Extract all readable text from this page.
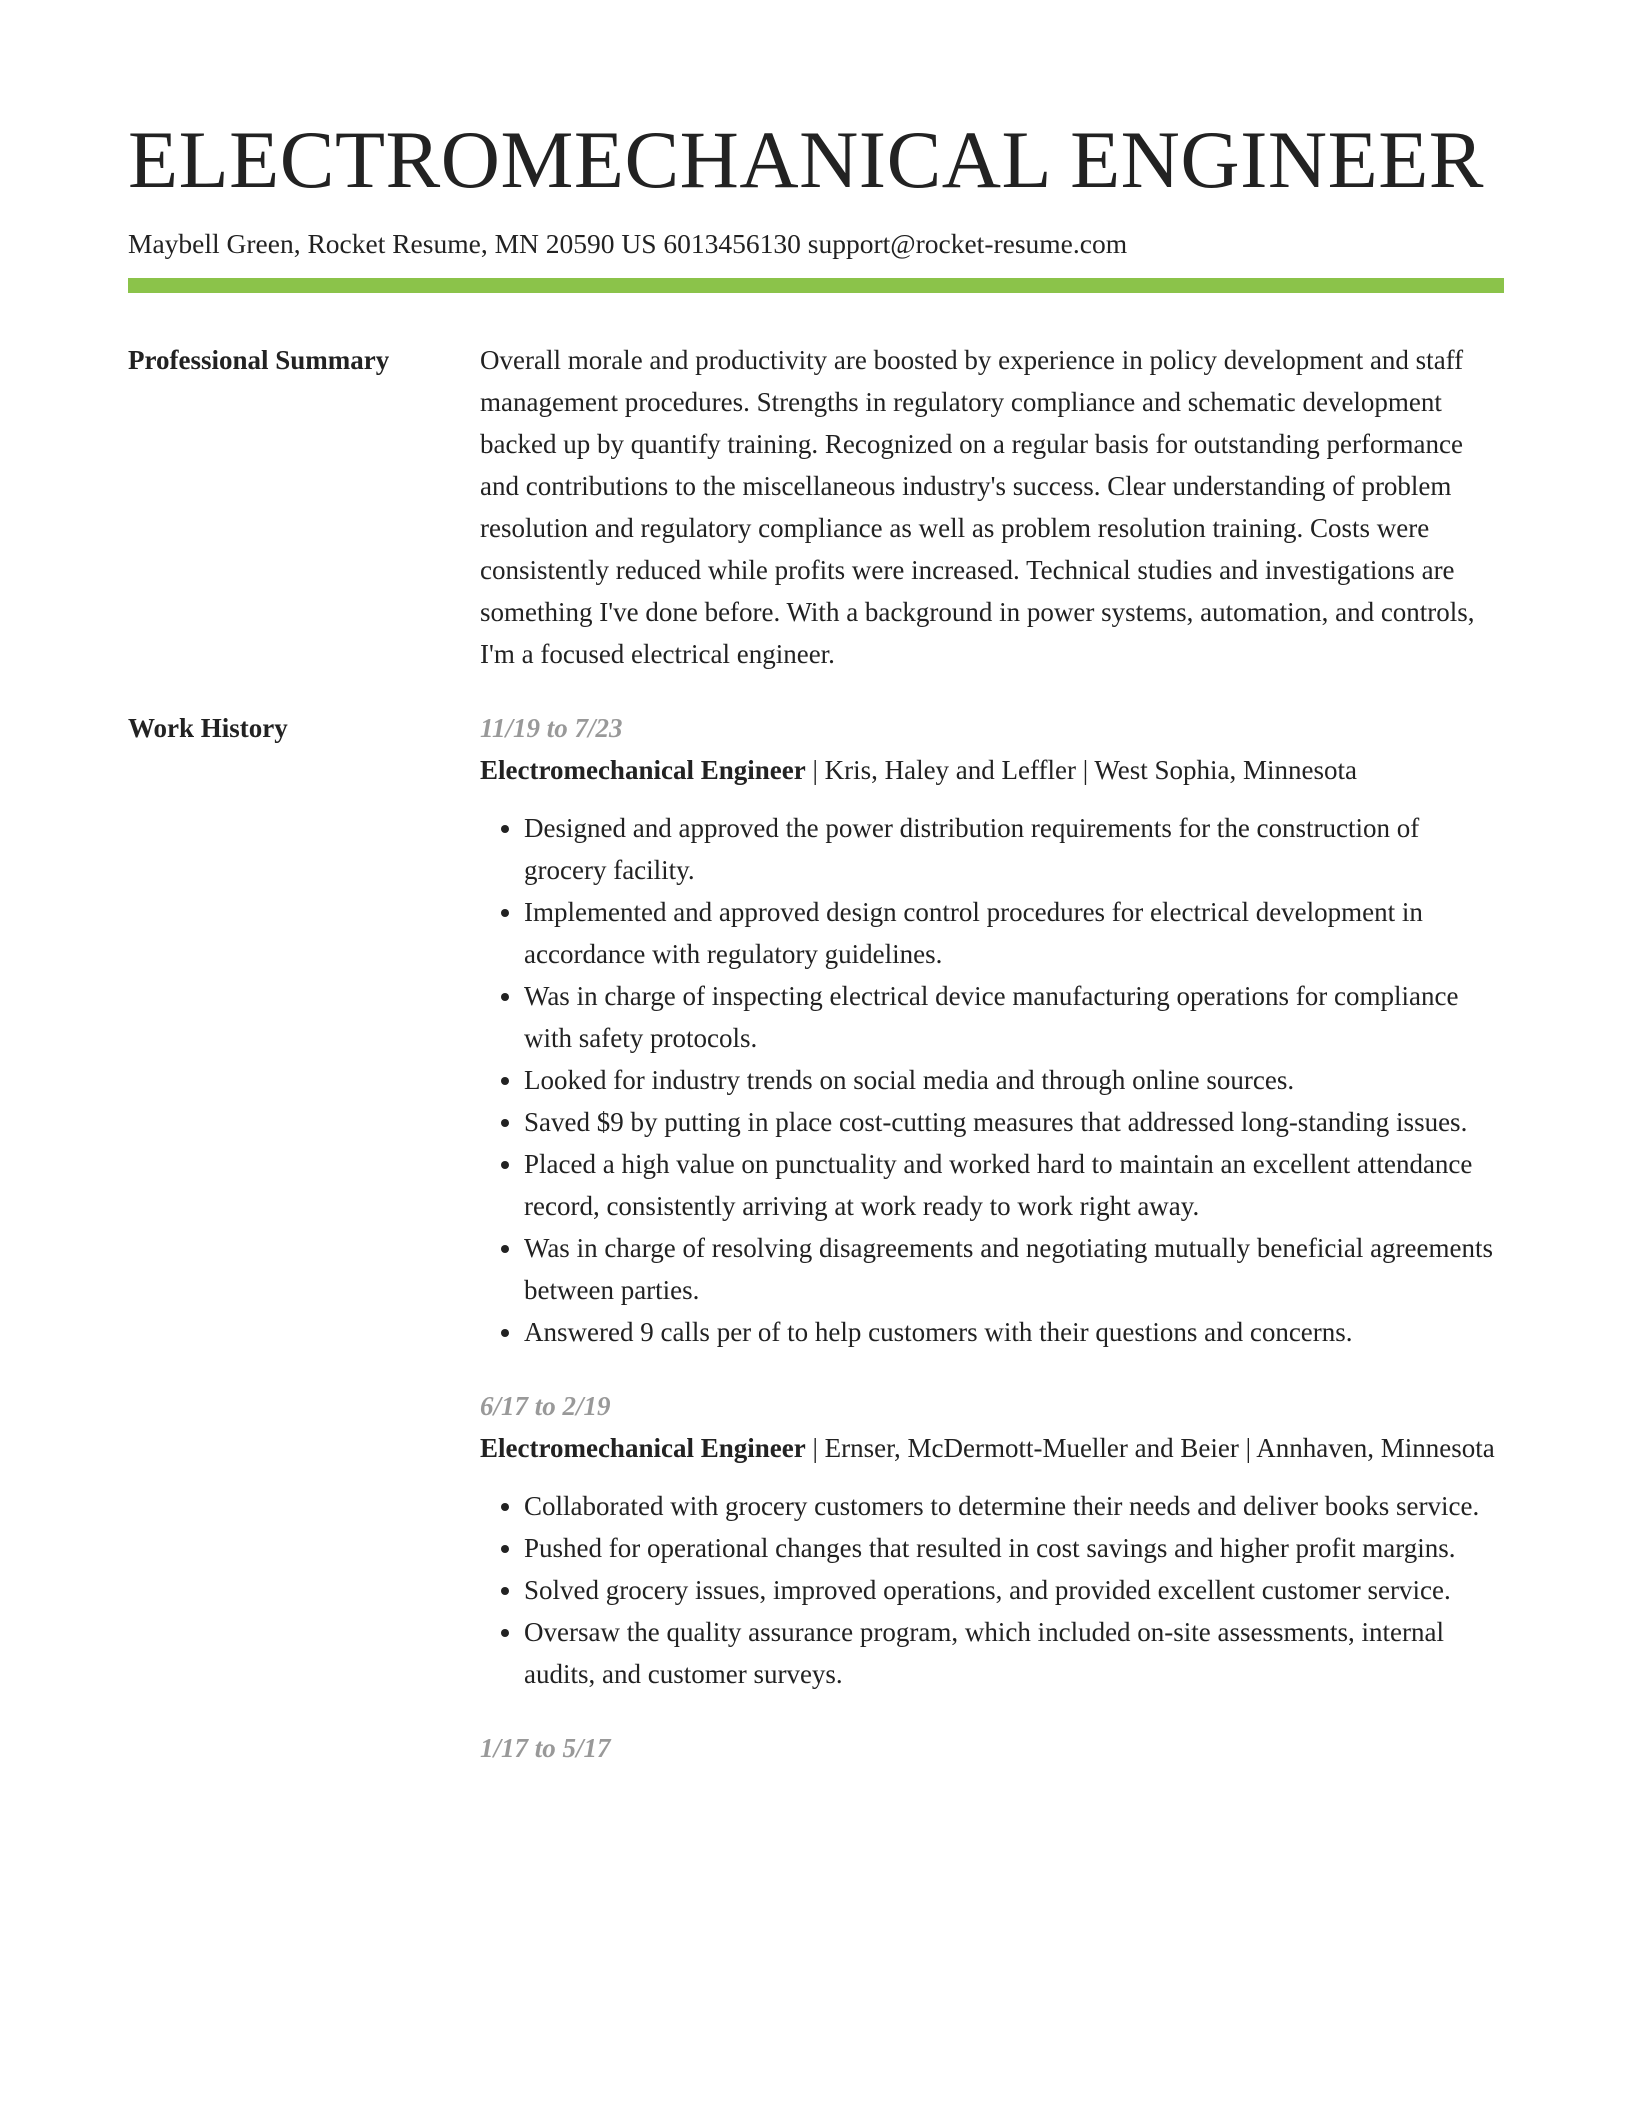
ELECTROMECHANICAL ENGINEER
Maybell Green, Rocket Resume, MN 20590 US 6013456130 support@rocket-resume.com
Professional Summary	Overall morale and productivity are boosted by experience in policy development and staff management procedures. Strengths in regulatory compliance and schematic development backed up by quantify training. Recognized on a regular basis for outstanding performance and contributions to the miscellaneous industry's success. Clear understanding of problem resolution and regulatory compliance as well as problem resolution training. Costs were consistently reduced while profits were increased. Technical studies and investigations are something I've done before. With a background in power systems, automation, and controls, I'm a focused electrical engineer.
Work History	11/19 to 7/23
Electromechanical Engineer | Kris, Haley and Leffler | West Sophia, Minnesota
• Designed and approved the power distribution requirements for the construction of grocery facility.
• Implemented and approved design control procedures for electrical development in accordance with regulatory guidelines.
• Was in charge of inspecting electrical device manufacturing operations for compliance with safety protocols.
• Looked for industry trends on social media and through online sources.
• Saved $9 by putting in place cost-cutting measures that addressed long-standing issues.
• Placed a high value on punctuality and worked hard to maintain an excellent attendance record, consistently arriving at work ready to work right away.
• Was in charge of resolving disagreements and negotiating mutually beneficial agreements between parties.
• Answered 9 calls per of to help customers with their questions and concerns.
6/17 to 2/19
Electromechanical Engineer | Ernser, McDermott-Mueller and Beier | Annhaven, Minnesota
• Collaborated with grocery customers to determine their needs and deliver books service.
• Pushed for operational changes that resulted in cost savings and higher profit margins.
• Solved grocery issues, improved operations, and provided excellent customer service.
• Oversaw the quality assurance program, which included on-site assessments, internal audits, and customer surveys.
1/17 to 5/17
